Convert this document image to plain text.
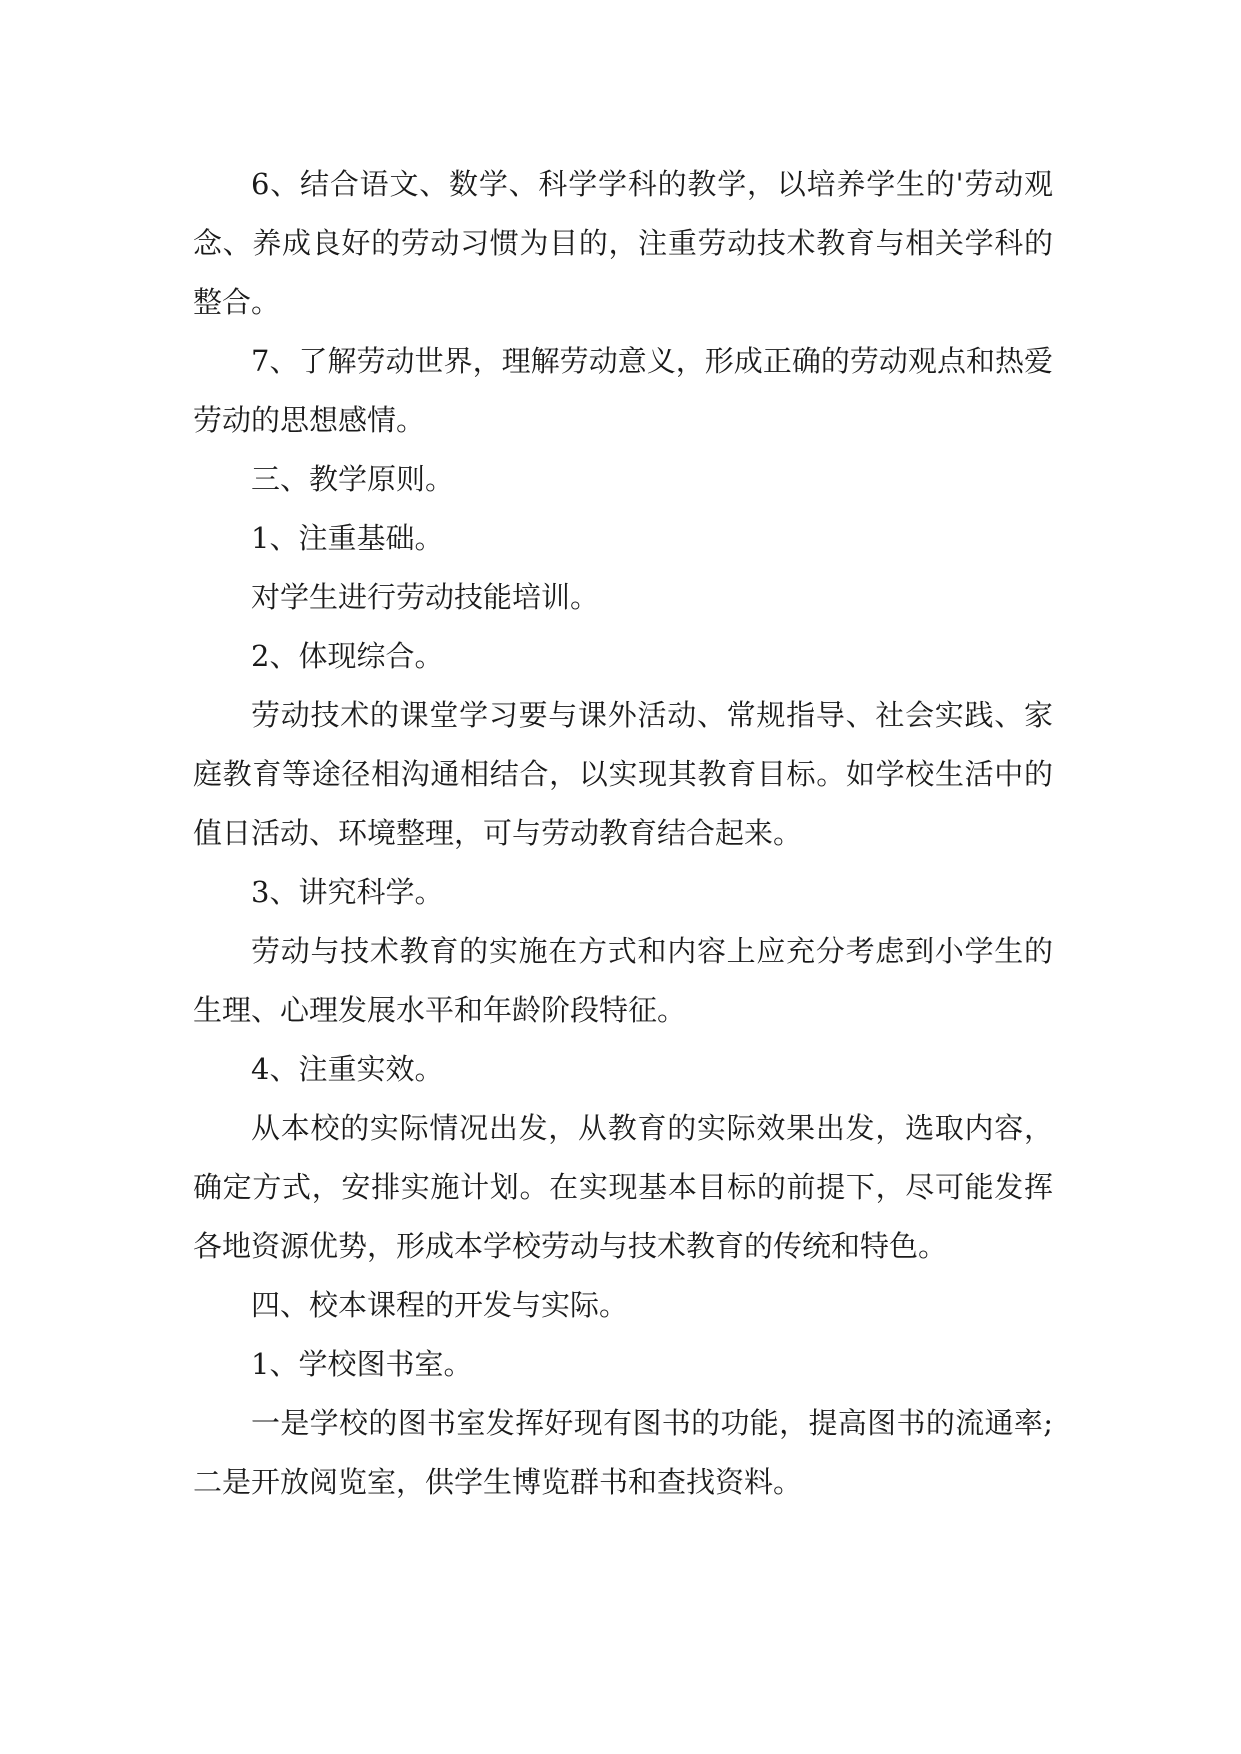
6、结合语文、数学、科学学科的教学，以培养学生的'劳动观念、养成良好的劳动习惯为目的，注重劳动技术教育与相关学科的整合。

7、了解劳动世界，理解劳动意义，形成正确的劳动观点和热爱劳动的思想感情。

三、教学原则。

1、注重基础。

对学生进行劳动技能培训。

2、体现综合。

劳动技术的课堂学习要与课外活动、常规指导、社会实践、家庭教育等途径相沟通相结合，以实现其教育目标。如学校生活中的值日活动、环境整理，可与劳动教育结合起来。

3、讲究科学。

劳动与技术教育的实施在方式和内容上应充分考虑到小学生的生理、心理发展水平和年龄阶段特征。

4、注重实效。

从本校的实际情况出发，从教育的实际效果出发，选取内容，确定方式，安排实施计划。在实现基本目标的前提下，尽可能发挥各地资源优势，形成本学校劳动与技术教育的传统和特色。

四、校本课程的开发与实际。

1、学校图书室。

一是学校的图书室发挥好现有图书的功能，提高图书的流通率;二是开放阅览室，供学生博览群书和查找资料。
